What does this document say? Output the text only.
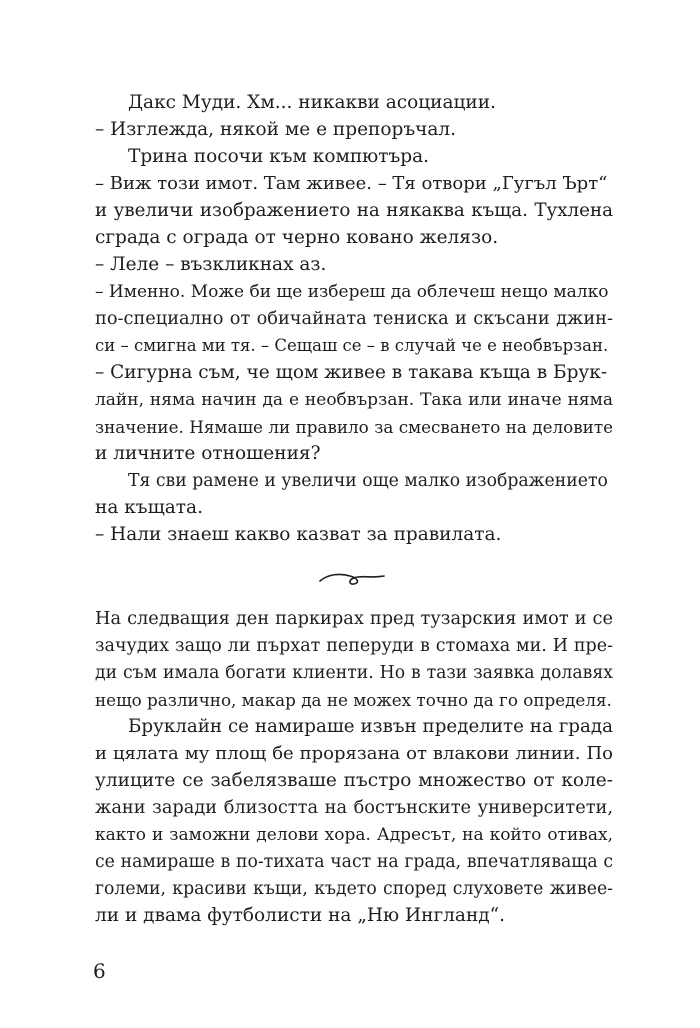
Дакс Муди. Хм... никакви асоциации.
– Изглежда, някой ме е препоръчал.
Трина посочи към компютъра.
– Виж този имот. Там живее. – Тя отвори „Гугъл Ърт“
и увеличи изображението на някаква къща. Тухлена
сграда с ограда от черно ковано желязо.
– Леле – възкликнах аз.
– Именно. Може би ще избереш да облечеш нещо малко
по-специално от обичайната тениска и скъсани джин-
си – смигна ми тя. – Сещаш се – в случай че е необвързан.
– Сигурна съм, че щом живее в такава къща в Брук-
лайн, няма начин да е необвързан. Така или иначе няма
значение. Нямаше ли правило за смесването на деловите
и личните отношения?
Тя сви рамене и увеличи още малко изображението
на къщата.
– Нали знаеш какво казват за правилата.
На следващия ден паркирах пред тузарския имот и се
зачудих защо ли пърхат пеперуди в стомаха ми. И пре-
ди съм имала богати клиенти. Но в тази заявка долавях
нещо различно, макар да не можех точно да го определя.
Бруклайн се намираше извън пределите на града
и цялата му площ бе прорязана от влакови линии. По
улиците се забелязваше пъстро множество от коле-
жани заради близостта на бостънските университети,
както и заможни делови хора. Адресът, на който отивах,
се намираше в по-тихата част на града, впечатляваща с
големи, красиви къщи, където според слуховете живее-
ли и двама футболисти на „Ню Ингланд“.
6
